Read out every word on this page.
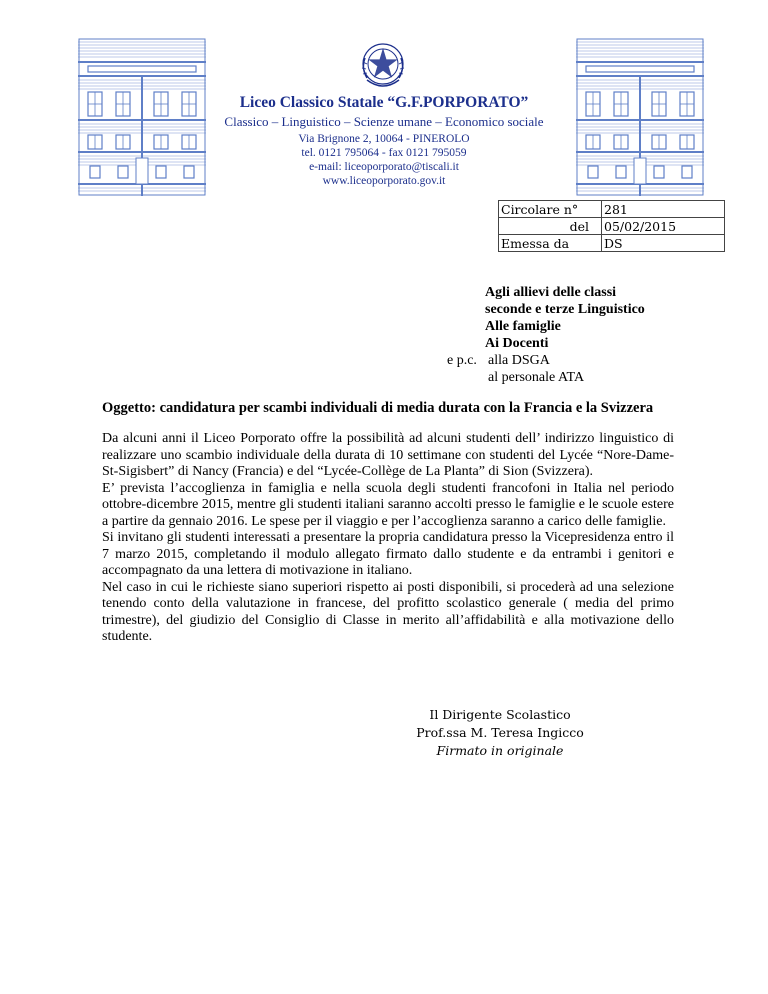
Liceo Classico Statale “G.F.PORPORATO”
Classico – Linguistico – Scienze umane – Economico sociale
Via Brignone 2, 10064 - PINEROLO
tel. 0121 795064 - fax 0121 795059
e-mail: liceoporporato@tiscali.it
www.liceoporporato.gov.it
Circolare n°	281
del	05/02/2015
Emessa da	DS
Agli allievi delle classi
seconde e terze Linguistico
Alle famiglie
Ai Docenti
e p.c. alla DSGA
al personale ATA
Oggetto: candidatura per scambi individuali di media durata con la Francia e la Svizzera

Da alcuni anni il Liceo Porporato offre la possibilità ad alcuni studenti dell’ indirizzo linguistico di realizzare uno scambio individuale della durata di 10 settimane con studenti del Lycée “Nore-Dame-St-Sigisbert” di Nancy (Francia) e del “Lycée-Collège de La Planta” di Sion (Svizzera).

E’ prevista l’accoglienza in famiglia e nella scuola degli studenti francofoni in Italia nel periodo ottobre-dicembre 2015, mentre gli studenti italiani saranno accolti presso le famiglie e le scuole estere a partire da gennaio 2016. Le spese per il viaggio e per l’accoglienza saranno a carico delle famiglie.

Si invitano gli studenti interessati a presentare la propria candidatura presso la Vicepresidenza entro il 7 marzo 2015, completando il modulo allegato firmato dallo studente e da entrambi i genitori e accompagnato da una lettera di motivazione in italiano.

Nel caso in cui le richieste siano superiori rispetto ai posti disponibili, si procederà ad una selezione tenendo conto della valutazione in francese, del profitto scolastico generale ( media del primo trimestre), del giudizio del Consiglio di Classe in merito all’affidabilità e alla motivazione dello studente.

Il Dirigente Scolastico
Prof.ssa M. Teresa Ingicco
Firmato in originale
